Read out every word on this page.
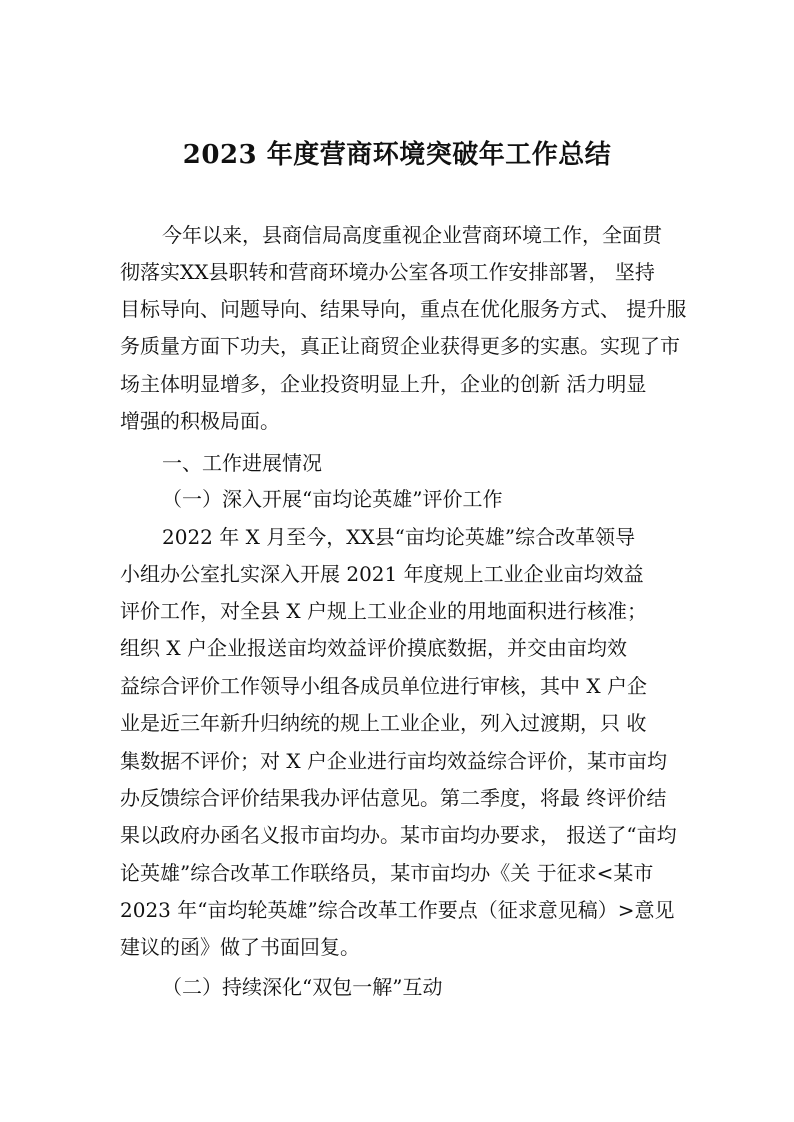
2023 年度营商环境突破年工作总结
今年以来，县商信局高度重视企业营商环境工作，全面贯
彻落实XX县职转和营商环境办公室各项工作安排部署， 坚持
目标导向、问题导向、结果导向，重点在优化服务方式、 提升服
务质量方面下功夫，真正让商贸企业获得更多的实惠。实现了市
场主体明显增多，企业投资明显上升，企业的创新 活力明显
增强的积极局面。
一、工作进展情况
（一）深入开展“亩均论英雄”评价工作
2022 年 X 月至今，XX县“亩均论英雄”综合改革领导
小组办公室扎实深入开展 2021 年度规上工业企业亩均效益
评价工作，对全县 X 户规上工业企业的用地面积进行核准；
组织 X 户企业报送亩均效益评价摸底数据，并交由亩均效
益综合评价工作领导小组各成员单位进行审核，其中 X 户企
业是近三年新升归纳统的规上工业企业，列入过渡期，只 收
集数据不评价；对 X 户企业进行亩均效益综合评价，某市亩均
办反馈综合评价结果我办评估意见。第二季度，将最 终评价结
果以政府办函名义报市亩均办。某市亩均办要求， 报送了“亩均
论英雄”综合改革工作联络员，某市亩均办《关 于征求<某市
2023 年“亩均轮英雄”综合改革工作要点（征求意见稿）>意见
建议的函》做了书面回复。
（二）持续深化“双包一解”互动
